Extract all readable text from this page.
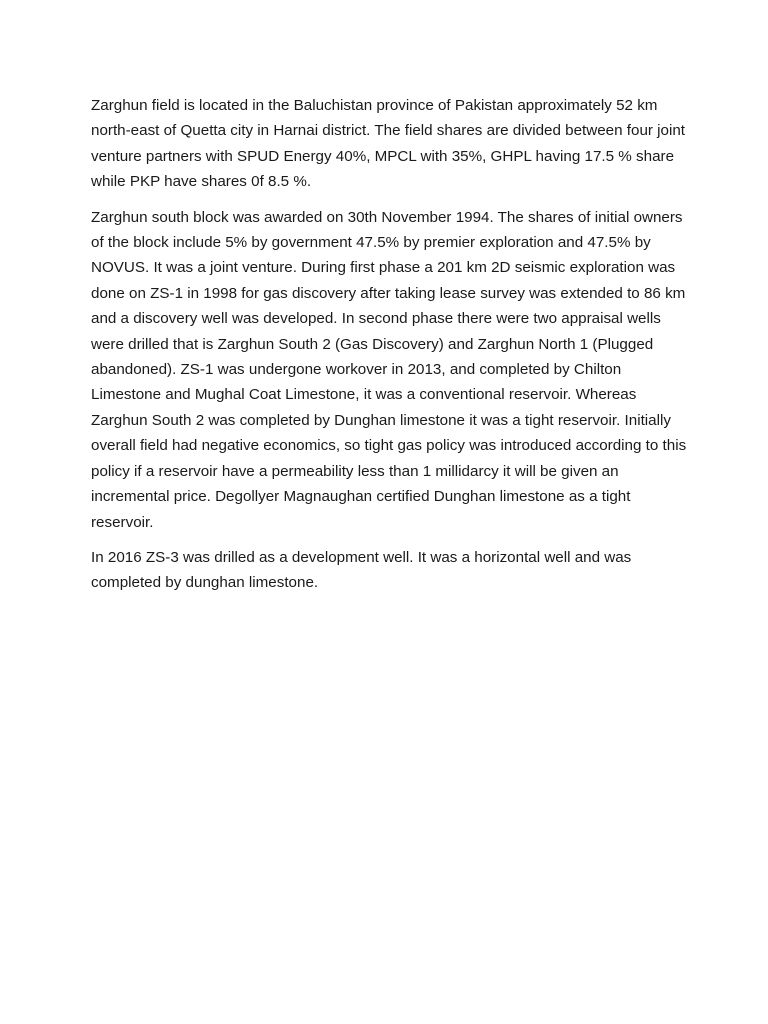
Zarghun field is located in the Baluchistan province of Pakistan approximately 52 km north-east of Quetta city in Harnai district. The field shares are divided between four joint venture partners with SPUD Energy 40%, MPCL with 35%, GHPL having 17.5 % share while PKP have shares 0f 8.5 %.

Zarghun south block was awarded on 30th November 1994. The shares of initial owners of the block include 5% by government 47.5% by premier exploration and 47.5% by NOVUS. It was a joint venture. During first phase a 201 km 2D seismic exploration was done on ZS-1 in 1998 for gas discovery after taking lease survey was extended to 86 km and a discovery well was developed. In second phase there were two appraisal wells were drilled that is Zarghun South 2 (Gas Discovery) and Zarghun North 1 (Plugged abandoned). ZS-1 was undergone workover in 2013, and completed by Chilton Limestone and Mughal Coat Limestone, it was a conventional reservoir. Whereas Zarghun South 2 was completed by Dunghan limestone it was a tight reservoir. Initially overall field had negative economics, so tight gas policy was introduced according to this policy if a reservoir have a permeability less than 1 millidarcy it will be given an incremental price. Degollyer Magnaughan certified Dunghan limestone as a tight reservoir.

In 2016 ZS-3 was drilled as a development well. It was a horizontal well and was completed by dunghan limestone.
